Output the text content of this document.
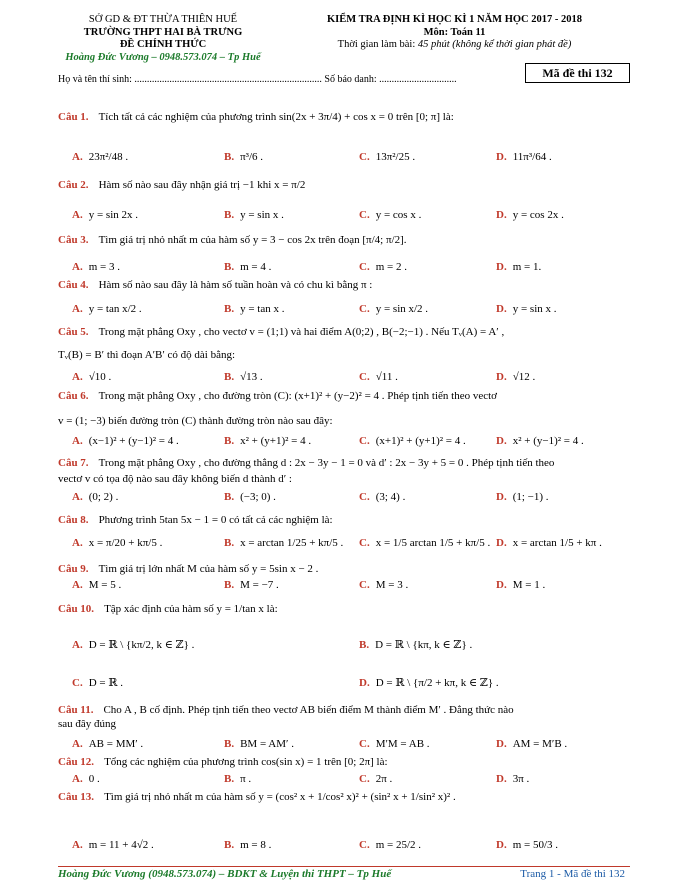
SỞ GD & ĐT THỪA THIÊN HUẾ
TRƯỜNG THPT HAI BÀ TRƯNG
ĐỀ CHÍNH THỨC
Hoàng Đức Vương – 0948.573.074 – Tp Huế
KIỂM TRA ĐỊNH KÌ HỌC KÌ 1 NĂM HỌC 2017 - 2018
Môn: Toán 11
Thời gian làm bài: 45 phút (không kể thời gian phát đề)
Họ và tên thí sinh: ........................................................................... Số báo danh: ...............................	Mã đề thi 132
Câu 1. Tích tất cả các nghiệm của phương trình sin(2x + 3π/4) + cos x = 0 trên [0; π] là:
A. 23π²/48 .	B. π³/6 .	C. 13π²/25 .	D. 11π³/64 .
Câu 2. Hàm số nào sau đây nhận giá trị −1 khi x = π/2
A. y = sin 2x .	B. y = sin x .	C. y = cos x .	D. y = cos 2x .
Câu 3. Tìm giá trị nhỏ nhất m của hàm số y = 3 − cos 2x trên đoạn [π/4; π/2].
A. m = 3 .	B. m = 4 .	C. m = 2 .	D. m = 1.
Câu 4. Hàm số nào sau đây là hàm số tuần hoàn và có chu kì bằng π :
A. y = tan x/2 .	B. y = tan x .	C. y = sin x/2 .	D. y = sin x .
Câu 5. Trong mặt phẳng Oxy , cho vectơ v = (1;1) và hai điểm A(0;2) , B(−2;−1) . Nếu Tᵥ(A) = A′ ,
Tᵥ(B) = B′ thì đoạn A′B′ có độ dài bằng:
A. √10 .	B. √13 .	C. √11 .	D. √12 .
Câu 6. Trong mặt phẳng Oxy , cho đường tròn (C): (x+1)² + (y−2)² = 4 . Phép tịnh tiến theo vectơ
v = (1; −3) biến đường tròn (C) thành đường tròn nào sau đây:
A. (x−1)² + (y−1)² = 4 .	B. x² + (y+1)² = 4 .	C. (x+1)² + (y+1)² = 4 .	D. x² + (y−1)² = 4 .
Câu 7. Trong mặt phẳng Oxy , cho đường thẳng d : 2x − 3y − 1 = 0 và d′ : 2x − 3y + 5 = 0 . Phép tịnh tiến theo
vectơ v có tọa độ nào sau đây không biến d thành d′ :
A. (0; 2) .	B. (−3; 0) .	C. (3; 4) .	D. (1; −1) .
Câu 8. Phương trình 5tan 5x − 1 = 0 có tất cả các nghiệm là:
A. x = π/20 + kπ/5 .	B. x = arctan 1/25 + kπ/5 . C. x = 1/5 arctan 1/5 + kπ/5 . D. x = arctan 1/5 + kπ .
Câu 9. Tìm giá trị lớn nhất M của hàm số y = 5sin x − 2 .
A. M = 5 .	B. M = −7 .	C. M = 3 .	D. M = 1 .
Câu 10. Tập xác định của hàm số y = 1/tan x là:
A. D = ℝ \ {kπ/2, k ∈ ℤ} .	B. D = ℝ \ {kπ, k ∈ ℤ} .
C. D = ℝ .	D. D = ℝ \ {π/2 + kπ, k ∈ ℤ} .
Câu 11. Cho A , B cố định. Phép tịnh tiến theo vectơ AB biến điểm M thành điểm M′ . Đẳng thức nào
sau đây đúng
A. AB = MM′ .	B. BM = AM′ .	C. M′M = AB .	D. AM = M′B .
Câu 12. Tổng các nghiệm của phương trình cos(sin x) = 1 trên [0; 2π] là:
A. 0 .	B. π .	C. 2π .	D. 3π .
Câu 13. Tìm giá trị nhỏ nhất m của hàm số y = (cos² x + 1/cos² x)² + (sin² x + 1/sin² x)² .
A. m = 11 + 4√2 .	B. m = 8 .	C. m = 25/2 .	D. m = 50/3 .
Hoàng Đức Vương (0948.573.074) – BDKT & Luyện thi THPT – Tp Huế	Trang 1 - Mã đề thi 132
